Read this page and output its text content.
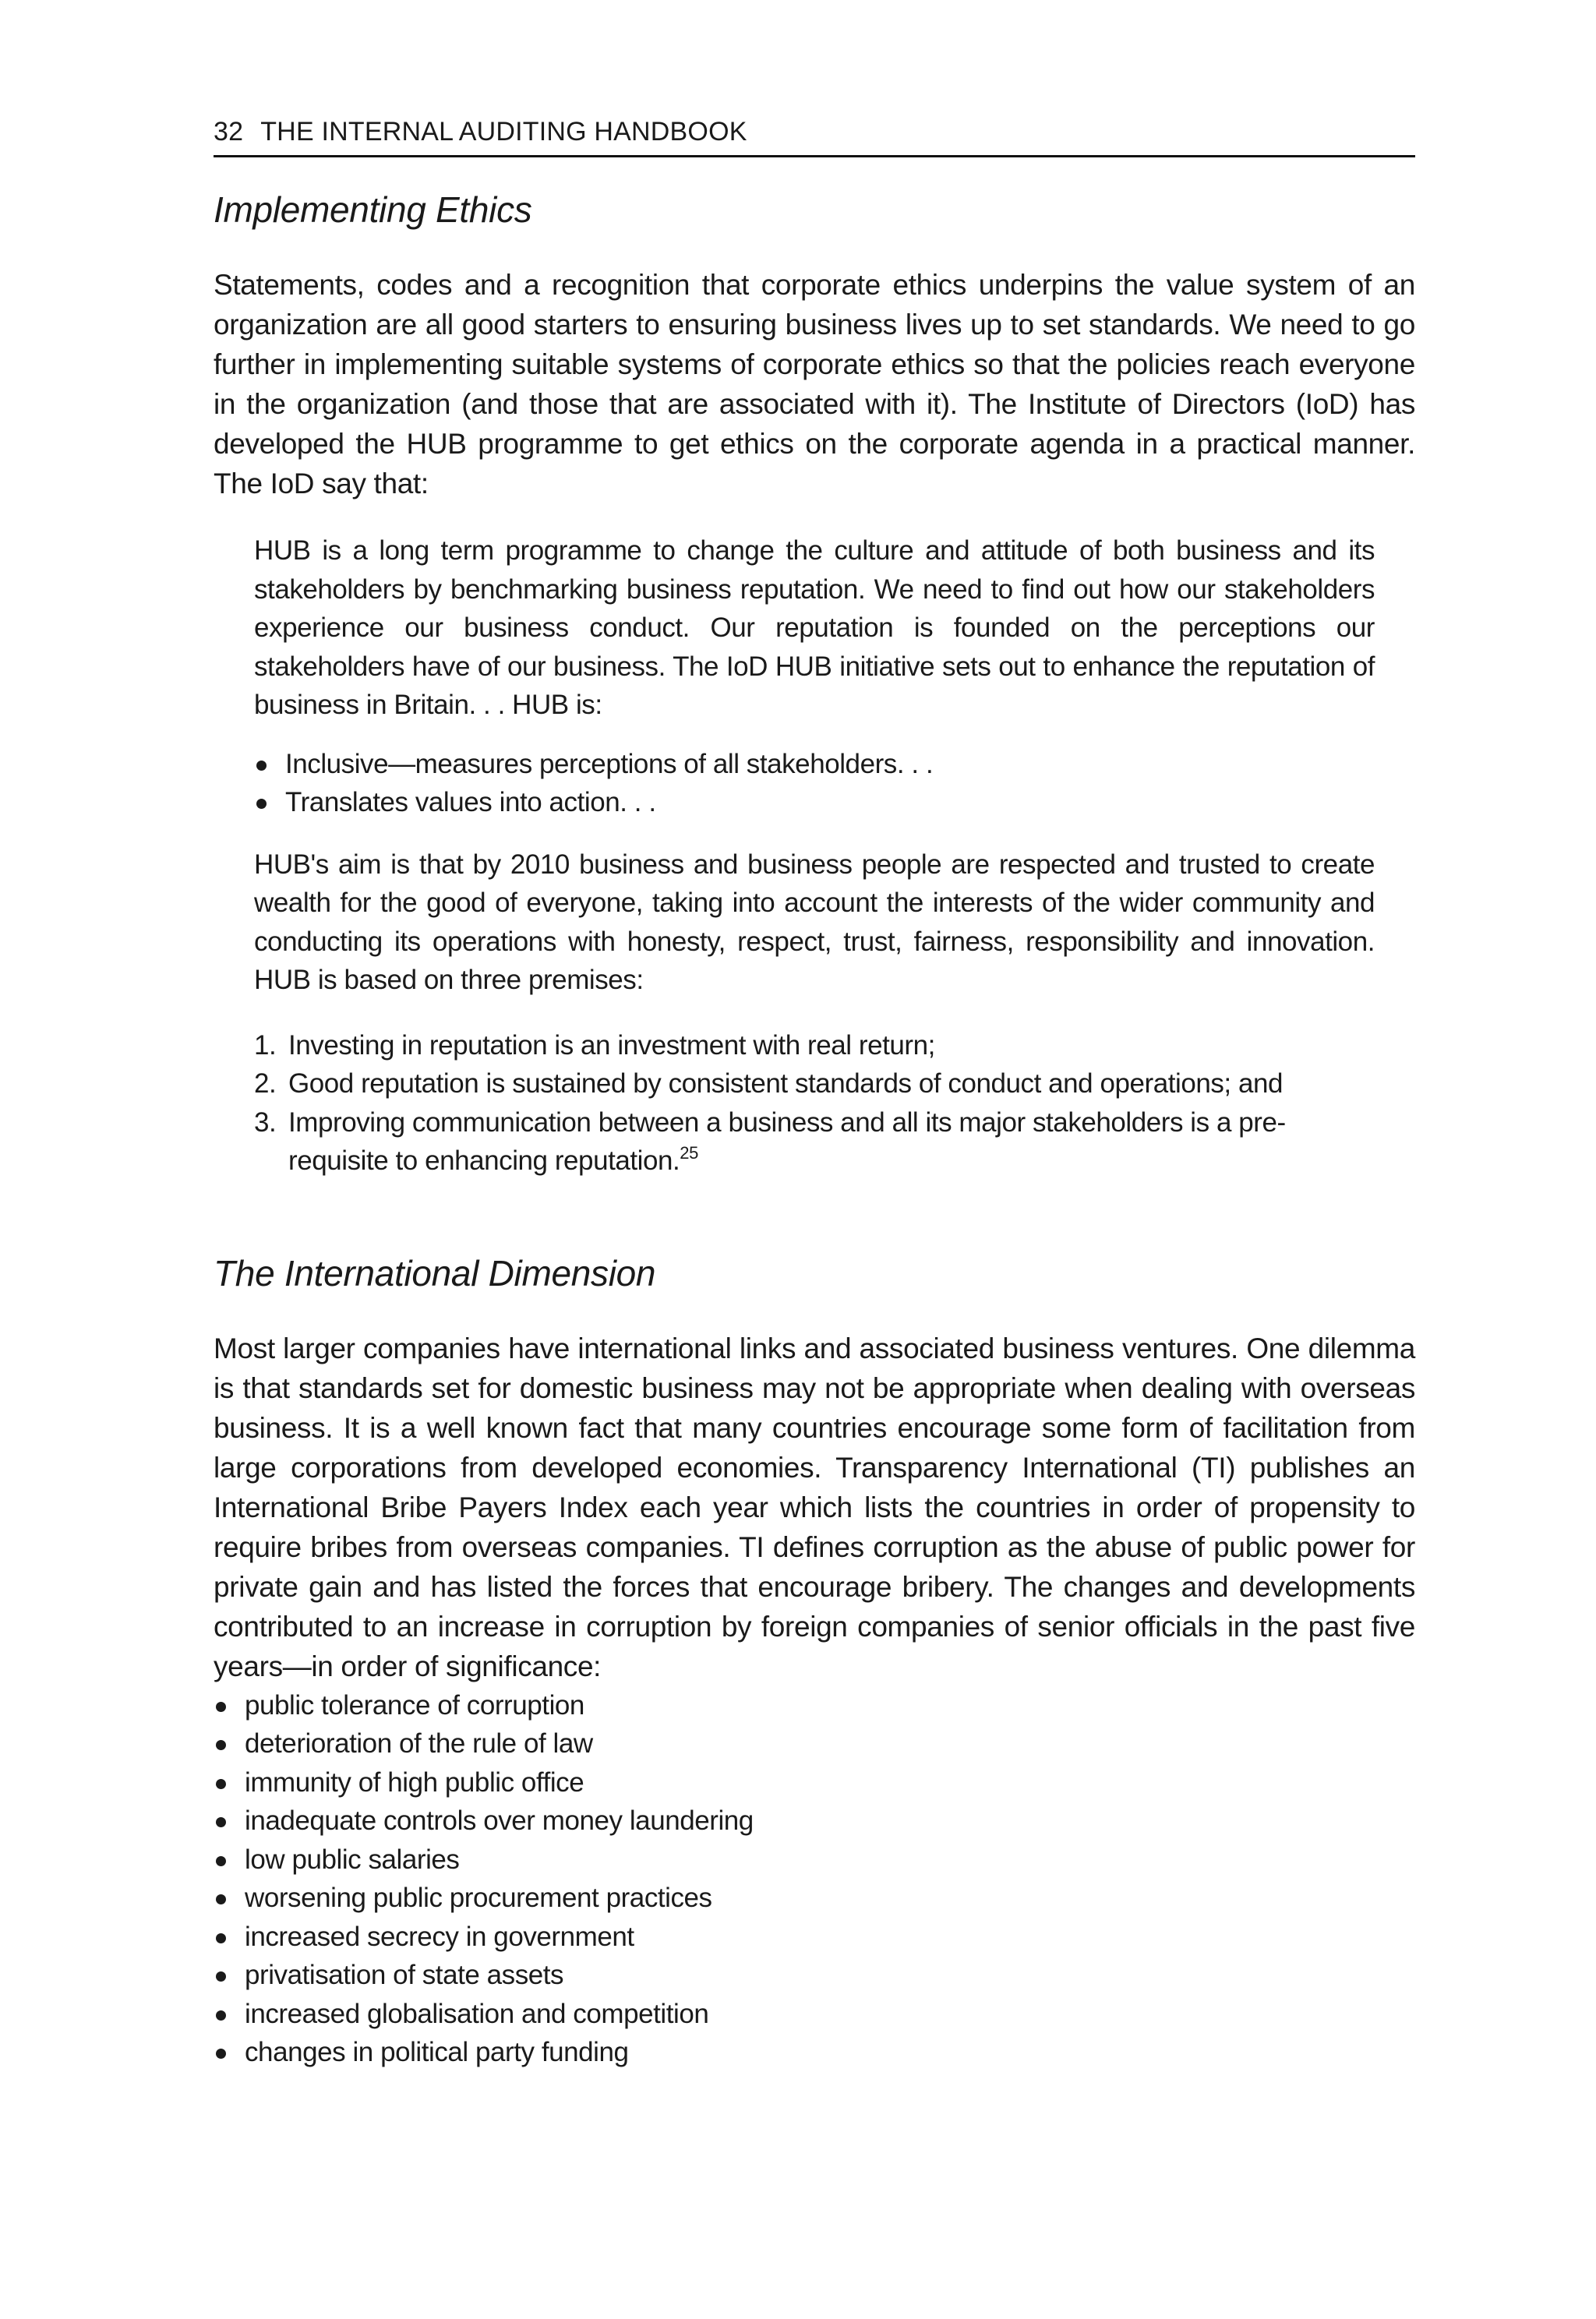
32 THE INTERNAL AUDITING HANDBOOK
Implementing Ethics

Statements, codes and a recognition that corporate ethics underpins the value system of an organization are all good starters to ensuring business lives up to set standards. We need to go further in implementing suitable systems of corporate ethics so that the policies reach everyone in the organization (and those that are associated with it). The Institute of Directors (IoD) has developed the HUB programme to get ethics on the corporate agenda in a practical manner. The IoD say that:

HUB is a long term programme to change the culture and attitude of both business and its stakeholders by benchmarking business reputation. We need to find out how our stakeholders experience our business conduct. Our reputation is founded on the perceptions our stakeholders have of our business. The IoD HUB initiative sets out to enhance the reputation of business in Britain. . . HUB is:

Inclusive—measures perceptions of all stakeholders. . .
Translates values into action. . .

HUB's aim is that by 2010 business and business people are respected and trusted to create wealth for the good of everyone, taking into account the interests of the wider community and conducting its operations with honesty, respect, trust, fairness, responsibility and innovation. HUB is based on three premises:

1. Investing in reputation is an investment with real return;
2. Good reputation is sustained by consistent standards of conduct and operations; and
3. Improving communication between a business and all its major stakeholders is a pre-requisite to enhancing reputation.$^{25}$
The International Dimension

Most larger companies have international links and associated business ventures. One dilemma is that standards set for domestic business may not be appropriate when dealing with overseas business. It is a well known fact that many countries encourage some form of facilitation from large corporations from developed economies. Transparency International (TI) publishes an International Bribe Payers Index each year which lists the countries in order of propensity to require bribes from overseas companies. TI defines corruption as the abuse of public power for private gain and has listed the forces that encourage bribery. The changes and developments contributed to an increase in corruption by foreign companies of senior officials in the past five years—in order of significance:

public tolerance of corruption
deterioration of the rule of law
immunity of high public office
inadequate controls over money laundering
low public salaries
worsening public procurement practices
increased secrecy in government
privatisation of state assets
increased globalisation and competition
changes in political party funding
